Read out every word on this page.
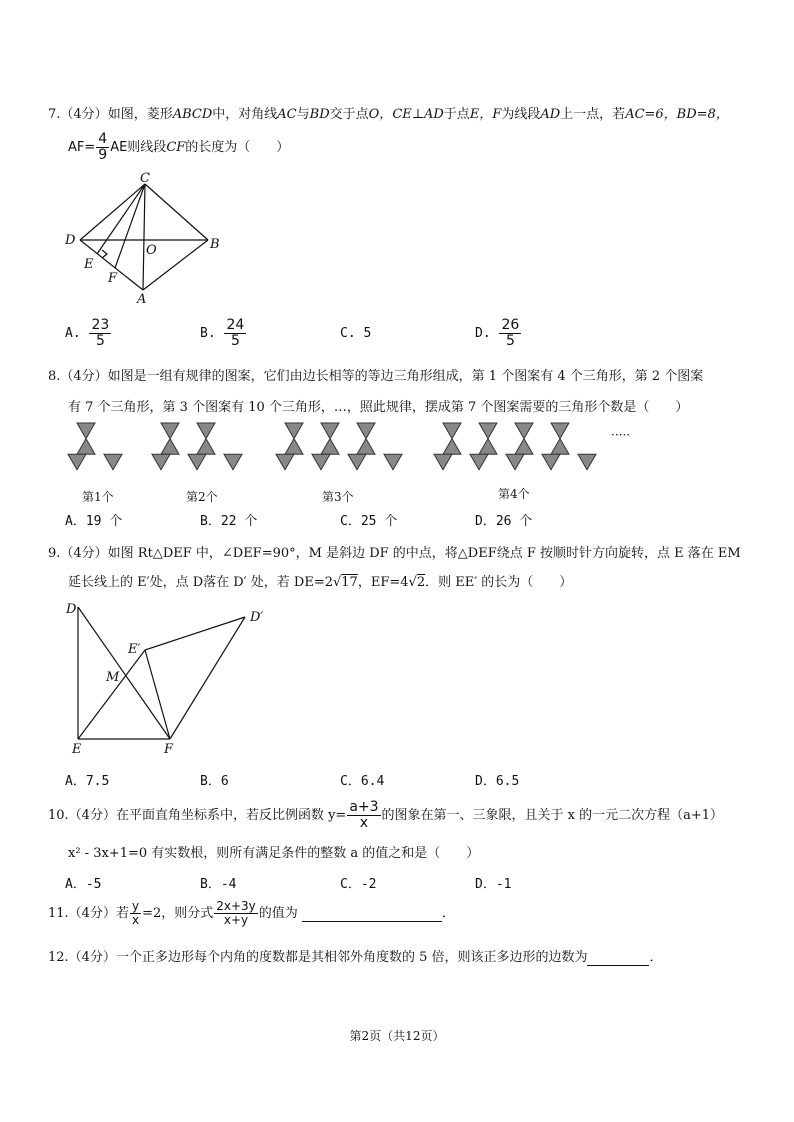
7.（4分）如图，菱形ABCD中，对角线AC与BD交于点O，CE⊥AD于点E，F为线段AD上一点，若AC=6，BD=8，
$AF= \frac{4}{9}$ AE则线段CF的长度为（　　）
C
D	B
O
E
F
A
A. $\frac{23}{5}$	B. $\frac{24}{5}$	C. 5	D. $\frac{26}{5}$
8.（4分）如图是一组有规律的图案，它们由边长相等的等边三角形组成，第 1 个图案有 4 个三角形，第 2 个图案
有 7 个三角形，第 3 个图案有 10 个三角形，…，照此规律，摆成第 7 个图案需要的三角形个数是（　　）
第1个	第2个	第3个	第4个
·····
A．19 个	B．22 个	C．25 个	D．26 个
9.（4分）如图 Rt△DEF 中，∠DEF=90°，M 是斜边 DF 的中点，将△DEF绕点 F 按顺时针方向旋转，点 E 落在 EM
延长线上的 E′处，点 D落在 D′ 处，若 DE=2√17，EF=4√2．则 EE′ 的长为（　　）
D
D′
E′
M
E	F
A．7.5	B．6	C．6.4	D．6.5
10.（4分）在平面直角坐标系中，若反比例函数 $y= \frac{a+3}{x}$ 的图象在第一、三象限，且关于 x 的一元二次方程（a+1）
x² - 3x+1=0 有实数根，则所有满足条件的整数 a 的值之和是（　　）
A．-5	B．-4	C．-2	D．-1
11.（4分）若 $\frac{y}{x} =2$，则分式 $\frac{2x+3y}{x+y}$ 的值为	．
12.（4分）一个正多边形每个内角的度数都是其相邻外角度数的 5 倍，则该正多边形的边数为	．
第2页（共12页）
